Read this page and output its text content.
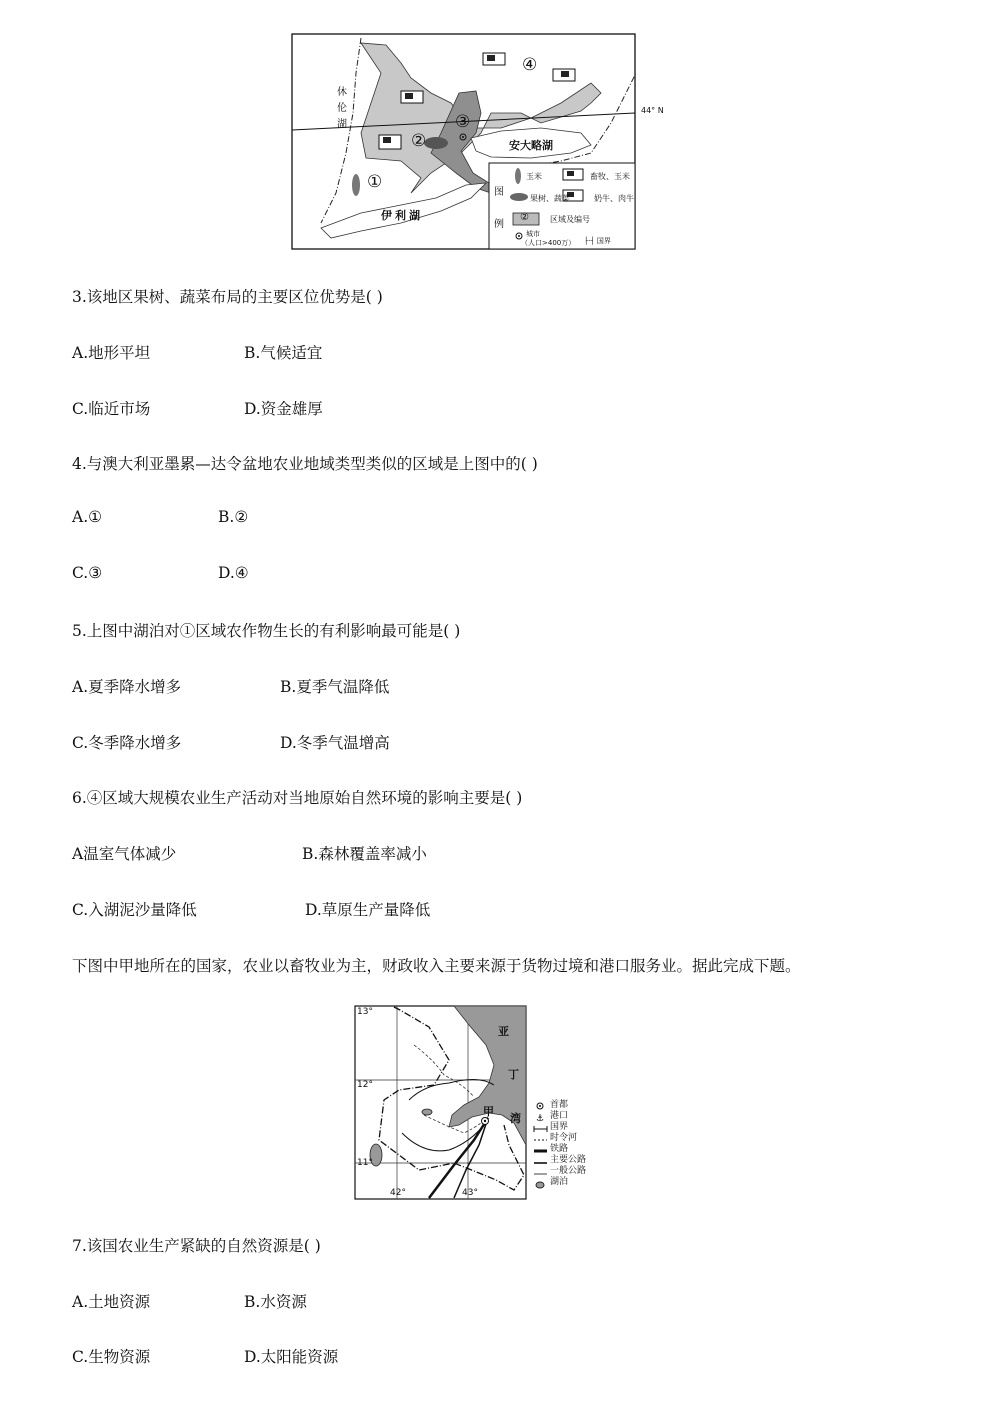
休
伦
湖
安大略湖
伊利湖
①
②
③
④
44° N
图
例
玉米	畜牧、玉米
果树、蔬菜	奶牛、肉牛
②	区域及编号
城市
（人口>400万） ├·┤ 国界
3.该地区果树、蔬菜布局的主要区位优势是( )
A.地形平坦	B.气候适宜
C.临近市场	D.资金雄厚
4.与澳大利亚墨累—达令盆地农业地域类型类似的区域是上图中的( )
A.①	B.②
C.③	D.④
5.上图中湖泊对①区域农作物生长的有利影响最可能是( )
A.夏季降水增多	B.夏季气温降低
C.冬季降水增多	D.冬季气温增高
6.④区域大规模农业生产活动对当地原始自然环境的影响主要是( )
A温室气体减少	B.森林覆盖率减小
C.入湖泥沙量降低	D.草原生产量降低
下图中甲地所在的国家，农业以畜牧业为主，财政收入主要来源于货物过境和港口服务业。据此完成下题。
⚓
13°
12°
11°
42°	43°
亚
丁
湾
甲	首都
港口
国界
时令河
铁路
主要公路
一般公路
湖泊
7.该国农业生产紧缺的自然资源是( )
A.土地资源	B.水资源
C.生物资源	D.太阳能资源
